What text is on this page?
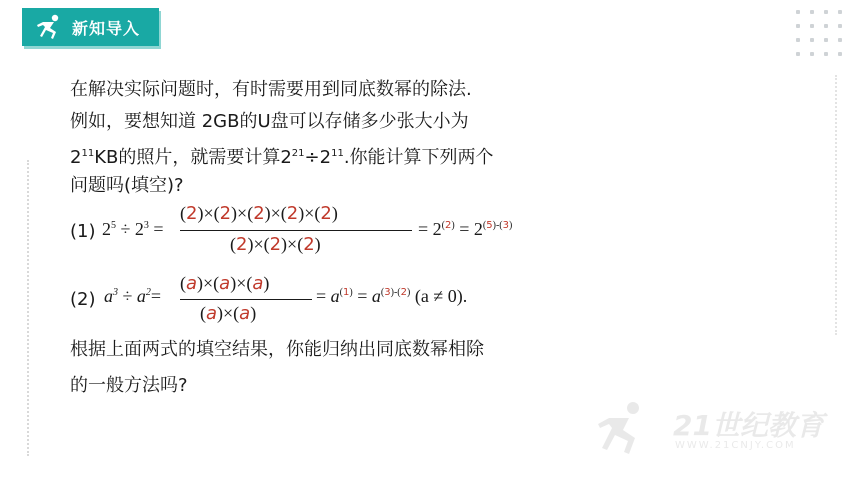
新知导入
在解决实际问题时，有时需要用到同底数幂的除法.
例如，要想知道 2GB的U盘可以存储多少张大小为
$2^{11}KB$的照片，就需要计算$2^{21}\div 2^{11}$.你能计算下列两个
问题吗(填空)?
(1) $2^5 \div 2^3$ =
(2)×(2)×(2)×(2)×(2)
(2)×(2)×(2)
= $2^{(2)} = 2^{(5)-(3)}$
(2) $a^3 \div a^2=$
(a)×(a)×(a)
(a)×(a)
= $a^{(1)} = a^{(3)-(2)}$ (a ≠ 0).
根据上面两式的填空结果，你能归纳出同底数幂相除
的一般方法吗?
21世纪教育
WWW.21CNJY.COM
